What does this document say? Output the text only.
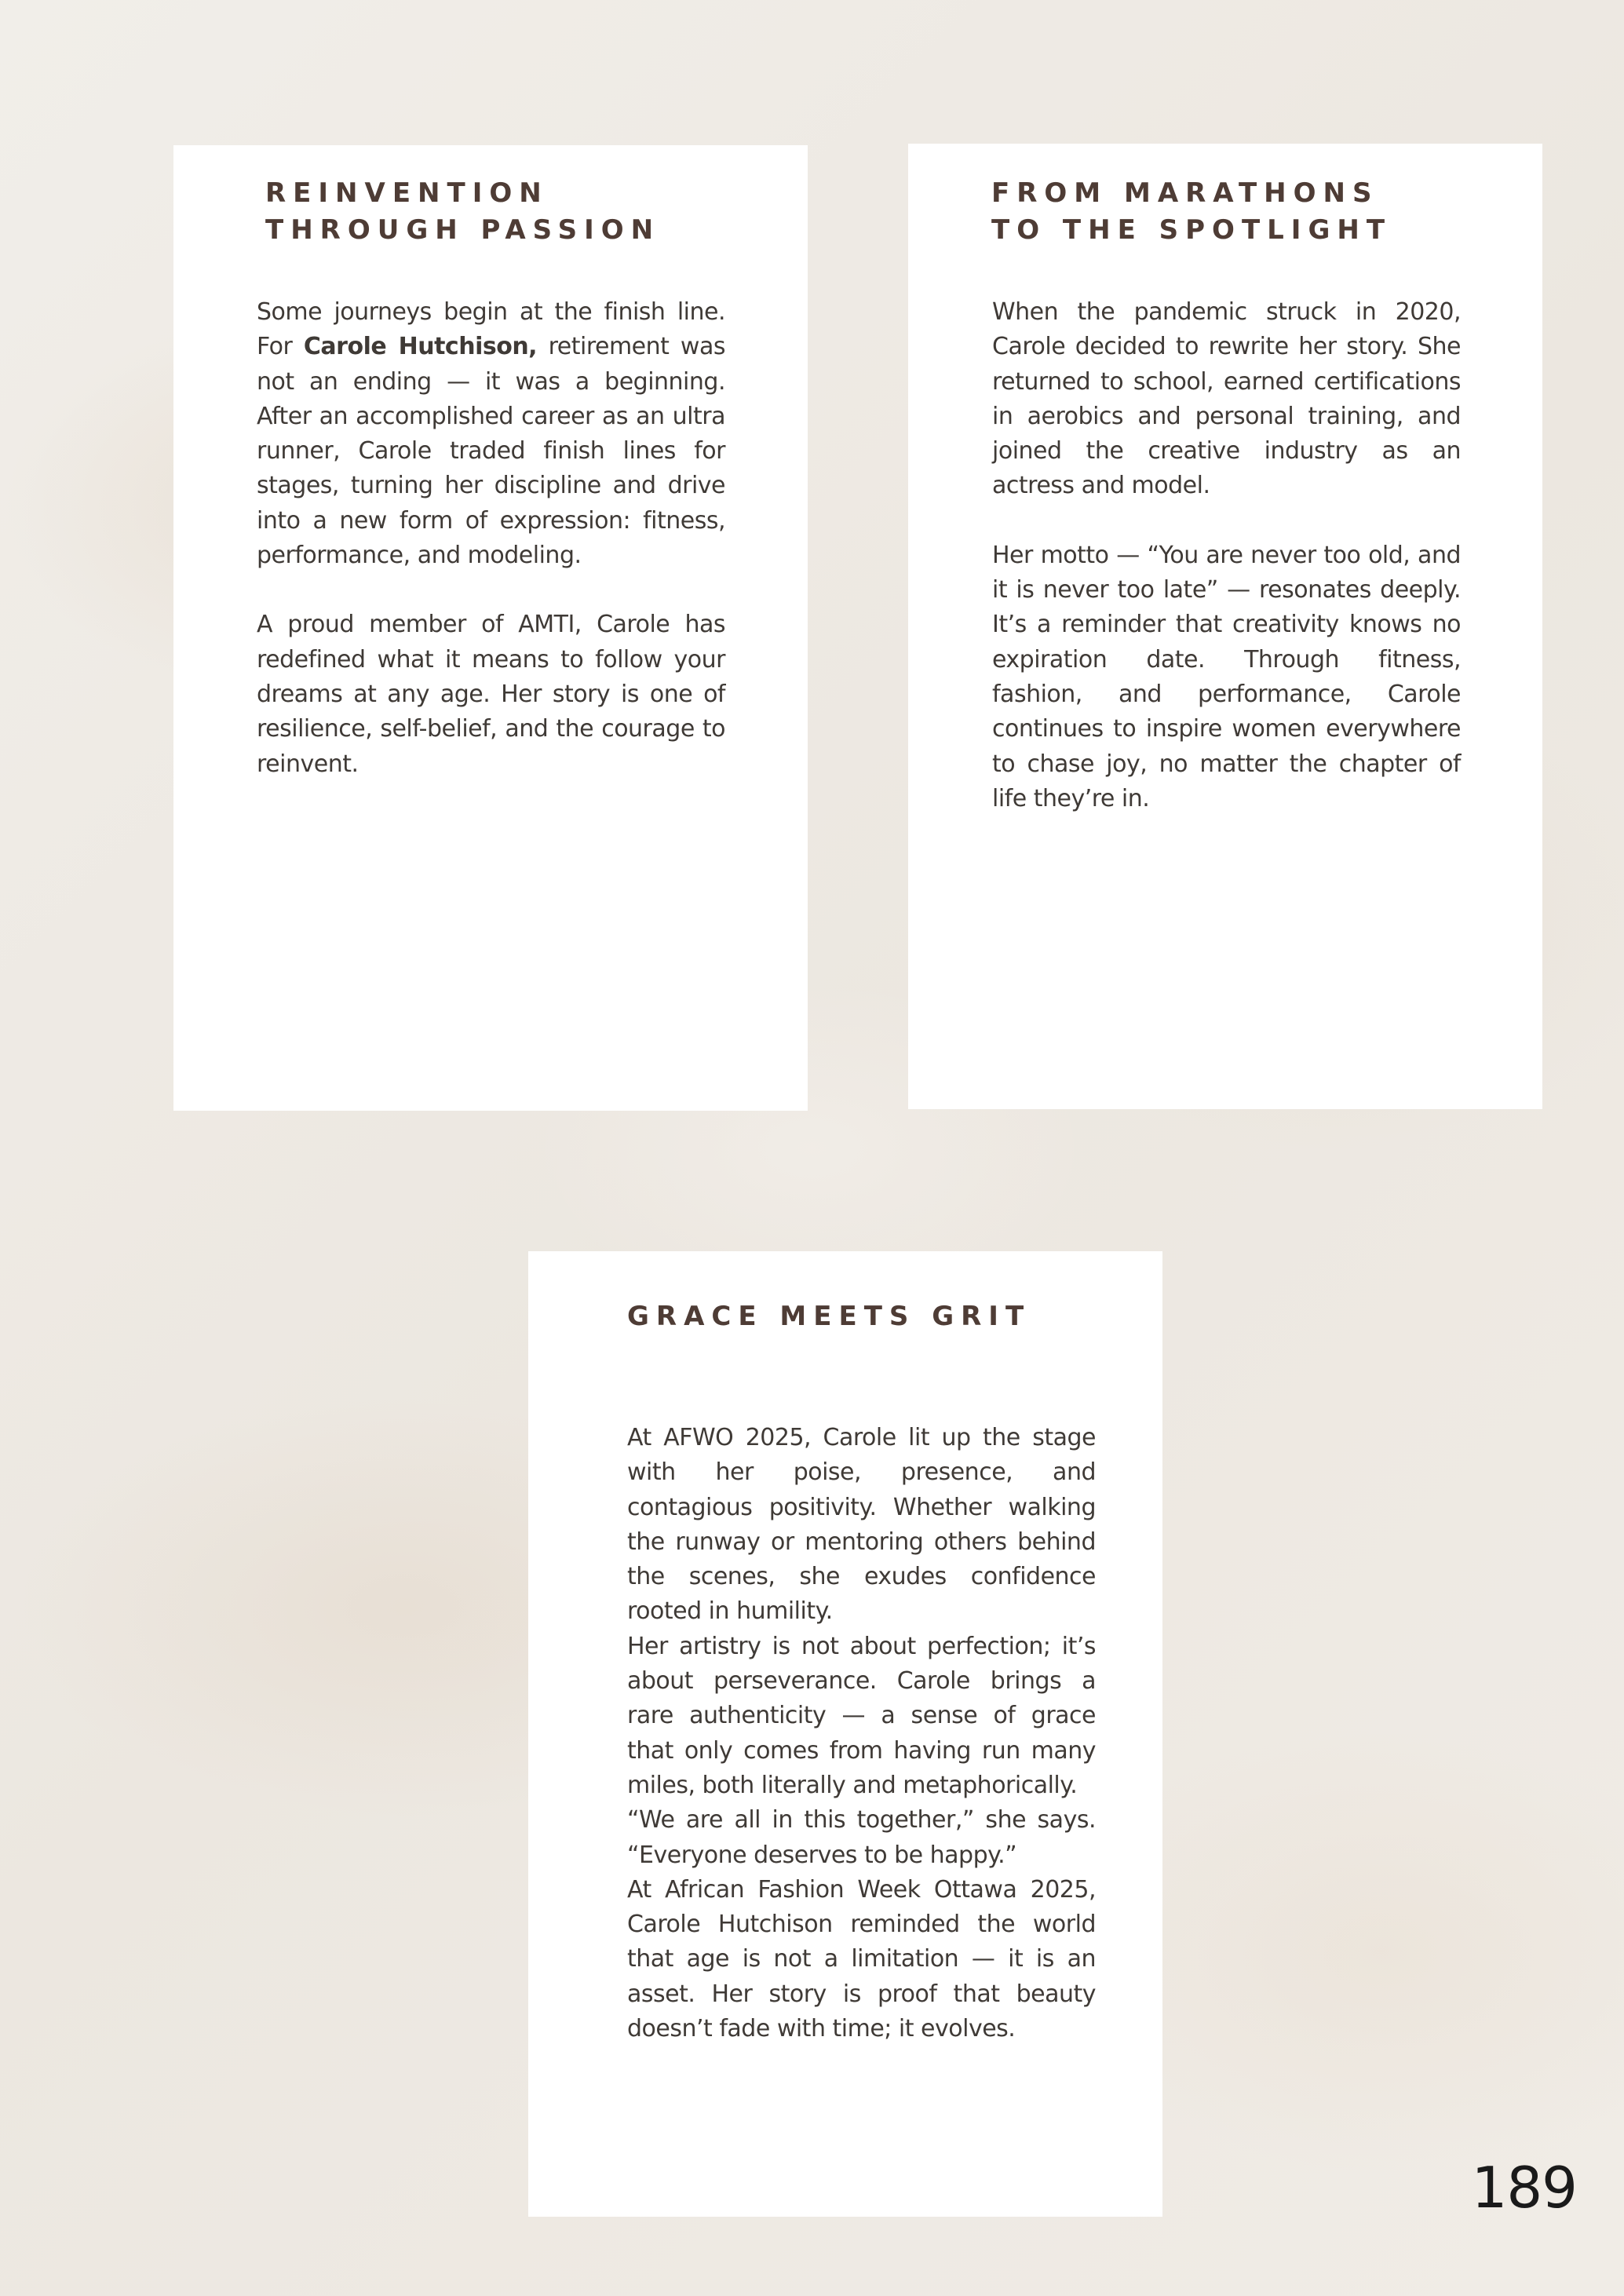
REINVENTION
THROUGH PASSION

Some journeys begin at the finish line. For Carole Hutchison, retirement was not an ending — it was a beginning. After an accomplished career as an ultra runner, Carole traded finish lines for stages, turning her discipline and drive into a new form of expression: fitness, performance, and modeling.

A proud member of AMTI, Carole has redefined what it means to follow your dreams at any age. Her story is one of resilience, self-belief, and the courage to reinvent.

FROM MARATHONS
TO THE SPOTLIGHT

When the pandemic struck in 2020, Carole decided to rewrite her story. She returned to school, earned certifications in aerobics and personal training, and joined the creative industry as an actress and model.

Her motto — “You are never too old, and it is never too late” — resonates deeply. It’s a reminder that creativity knows no expiration date. Through fitness, fashion, and performance, Carole continues to inspire women everywhere to chase joy, no matter the chapter of life they’re in.

GRACE MEETS GRIT

At AFWO 2025, Carole lit up the stage with her poise, presence, and contagious positivity. Whether walking the runway or mentoring others behind the scenes, she exudes confidence rooted in humility.

Her artistry is not about perfection; it’s about perseverance. Carole brings a rare authenticity — a sense of grace that only comes from having run many miles, both literally and metaphorically.

“We are all in this together,” she says. “Everyone deserves to be happy.”

At African Fashion Week Ottawa 2025, Carole Hutchison reminded the world that age is not a limitation — it is an asset. Her story is proof that beauty doesn’t fade with time; it evolves.

189
